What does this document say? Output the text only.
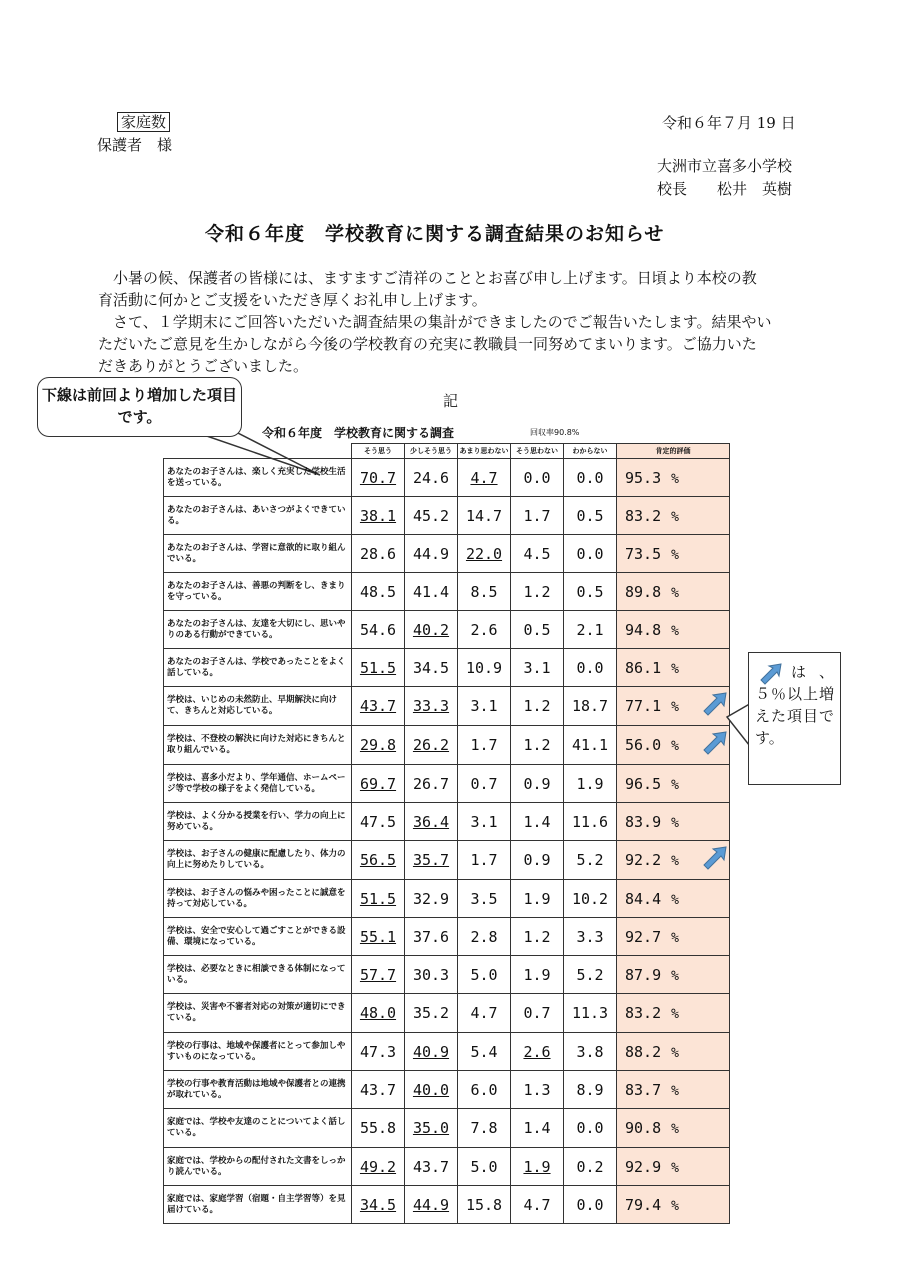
家庭数
保護者　様
令和６年７月 19 日
大洲市立喜多小学校
校長　　松井　英樹
令和６年度　学校教育に関する調査結果のお知らせ
小暑の候、保護者の皆様には、ますますご清祥のこととお喜び申し上げます。日頃より本校の教
育活動に何かとご支援をいただき厚くお礼申し上げます。
さて、１学期末にご回答いただいた調査結果の集計ができましたのでご報告いたします。結果やい
ただいたご意見を生かしながら今後の学校教育の充実に教職員一同努めてまいります。ご協力いた
だきありがとうございました。
記
下線は前回より増加した項目です。
令和６年度　学校教育に関する調査	回収率90.8%
	そう思う	少しそう思う	あまり思わない	そう思わない	わからない	肯定的評価
あなたのお子さんは、楽しく充実した学校生活を送っている。	70.7	24.6	4.7	0.0	0.0	95.3 %
あなたのお子さんは、あいさつがよくできている。	38.1	45.2	14.7	1.7	0.5	83.2 %
あなたのお子さんは、学習に意欲的に取り組んでいる。	28.6	44.9	22.0	4.5	0.0	73.5 %
あなたのお子さんは、善悪の判断をし、きまりを守っている。	48.5	41.4	8.5	1.2	0.5	89.8 %
あなたのお子さんは、友達を大切にし、思いやりのある行動ができている。	54.6	40.2	2.6	0.5	2.1	94.8 %
あなたのお子さんは、学校であったことをよく話している。	51.5	34.5	10.9	3.1	0.0	86.1 %
学校は、いじめの未然防止、早期解決に向けて、きちんと対応している。	43.7	33.3	3.1	1.2	18.7	77.1 %
学校は、不登校の解決に向けた対応にきちんと取り組んでいる。	29.8	26.2	1.7	1.2	41.1	56.0 %
学校は、喜多小だより、学年通信、ホームページ等で学校の様子をよく発信している。	69.7	26.7	0.7	0.9	1.9	96.5 %
学校は、よく分かる授業を行い、学力の向上に努めている。	47.5	36.4	3.1	1.4	11.6	83.9 %
学校は、お子さんの健康に配慮したり、体力の向上に努めたりしている。	56.5	35.7	1.7	0.9	5.2	92.2 %
学校は、お子さんの悩みや困ったことに誠意を持って対応している。	51.5	32.9	3.5	1.9	10.2	84.4 %
学校は、安全で安心して過ごすことができる設備、環境になっている。	55.1	37.6	2.8	1.2	3.3	92.7 %
学校は、必要なときに相談できる体制になっている。	57.7	30.3	5.0	1.9	5.2	87.9 %
学校は、災害や不審者対応の対策が適切にできている。	48.0	35.2	4.7	0.7	11.3	83.2 %
学校の行事は、地域や保護者にとって参加しやすいものになっている。	47.3	40.9	5.4	2.6	3.8	88.2 %
学校の行事や教育活動は地域や保護者との連携が取れている。	43.7	40.0	6.0	1.3	8.9	83.7 %
家庭では、学校や友達のことについてよく話している。	55.8	35.0	7.8	1.4	0.0	90.8 %
家庭では、学校からの配付された文書をしっかり読んでいる。	49.2	43.7	5.0	1.9	0.2	92.9 %
家庭では、家庭学習（宿題・自主学習等）を見届けている。	34.5	44.9	15.8	4.7	0.0	79.4 %
は、５％以上増えた項目です。
